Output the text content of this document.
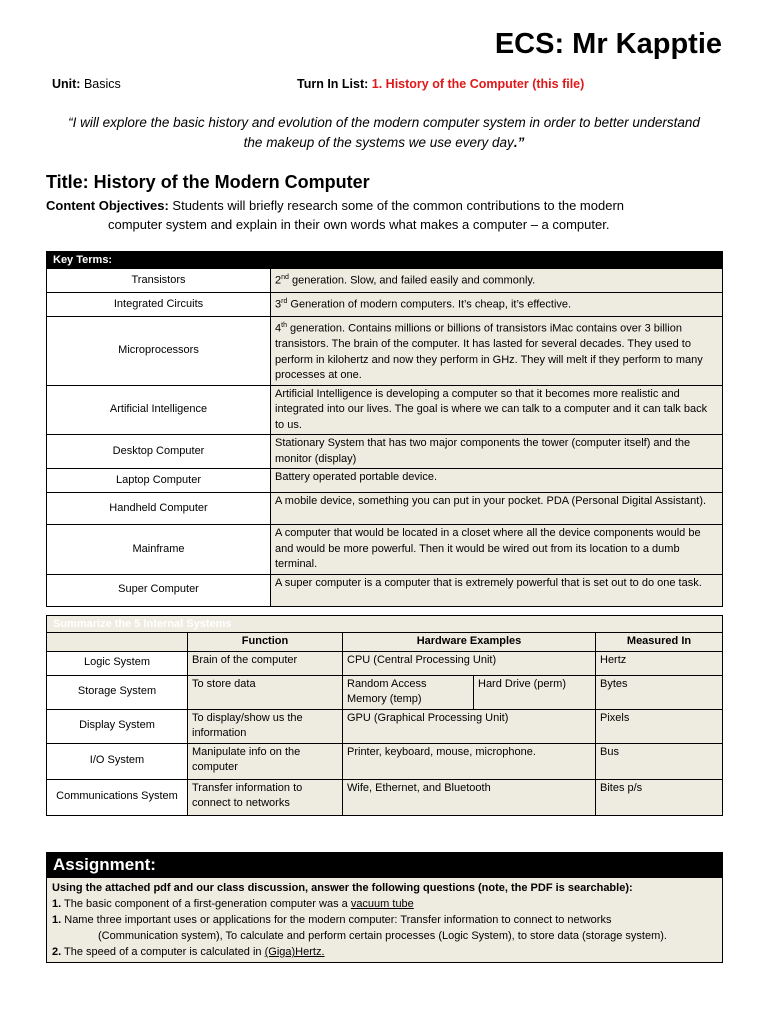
ECS: Mr Kapptie
Unit: Basics	Turn In List: 1. History of the Computer (this file)
“I will explore the basic history and evolution of the modern computer system in order to better understand
the makeup of the systems we use every day.”
Title: History of the Modern Computer
Content Objectives: Students will briefly research some of the common contributions to the modern
computer system and explain in their own words what makes a computer – a computer.
Key Terms:	
Transistors	2nd generation. Slow, and failed easily and commonly.
Integrated Circuits	3rd Generation of modern computers. It’s cheap, it’s effective.
Microprocessors	4th generation. Contains millions or billions of transistors iMac contains over 3 billion transistors. The brain of the computer. It has lasted for several decades. They used to perform in kilohertz and now they perform in GHz. They will melt if they perform to many processes at one.
Artificial Intelligence	Artificial Intelligence is developing a computer so that it becomes more realistic and integrated into our lives. The goal is where we can talk to a computer and it can talk back to us.
Desktop Computer	Stationary System that has two major components the tower (computer itself) and the monitor (display)
Laptop Computer	Battery operated portable device.
Handheld Computer	A mobile device, something you can put in your pocket. PDA (Personal Digital Assistant).
Mainframe	A computer that would be located in a closet where all the device components would be and would be more powerful. Then it would be wired out from its location to a dumb terminal.
Super Computer	A super computer is a computer that is extremely powerful that is set out to do one task.
Summarize the 5 Internal Systems				
	Function	Hardware Examples		Measured In
Logic System	Brain of the computer	CPU (Central Processing Unit)		Hertz
Storage System	To store data	Random Access Memory (temp)	Hard Drive (perm)	Bytes
Display System	To display/show us the information	GPU (Graphical Processing Unit)		Pixels
I/O System	Manipulate info on the computer	Printer, keyboard, mouse, microphone.		Bus
Communications System	Transfer information to connect to networks	Wife, Ethernet, and Bluetooth		Bites p/s
Assignment:

Using the attached pdf and our class discussion, answer the following questions (note, the PDF is searchable):
1. The basic component of a first-generation computer was a vacuum tube
1. Name three important uses or applications for the modern computer: Transfer information to connect to networks
(Communication system), To calculate and perform certain processes (Logic System), to store data (storage system).
2. The speed of a computer is calculated in (Giga)Hertz.
